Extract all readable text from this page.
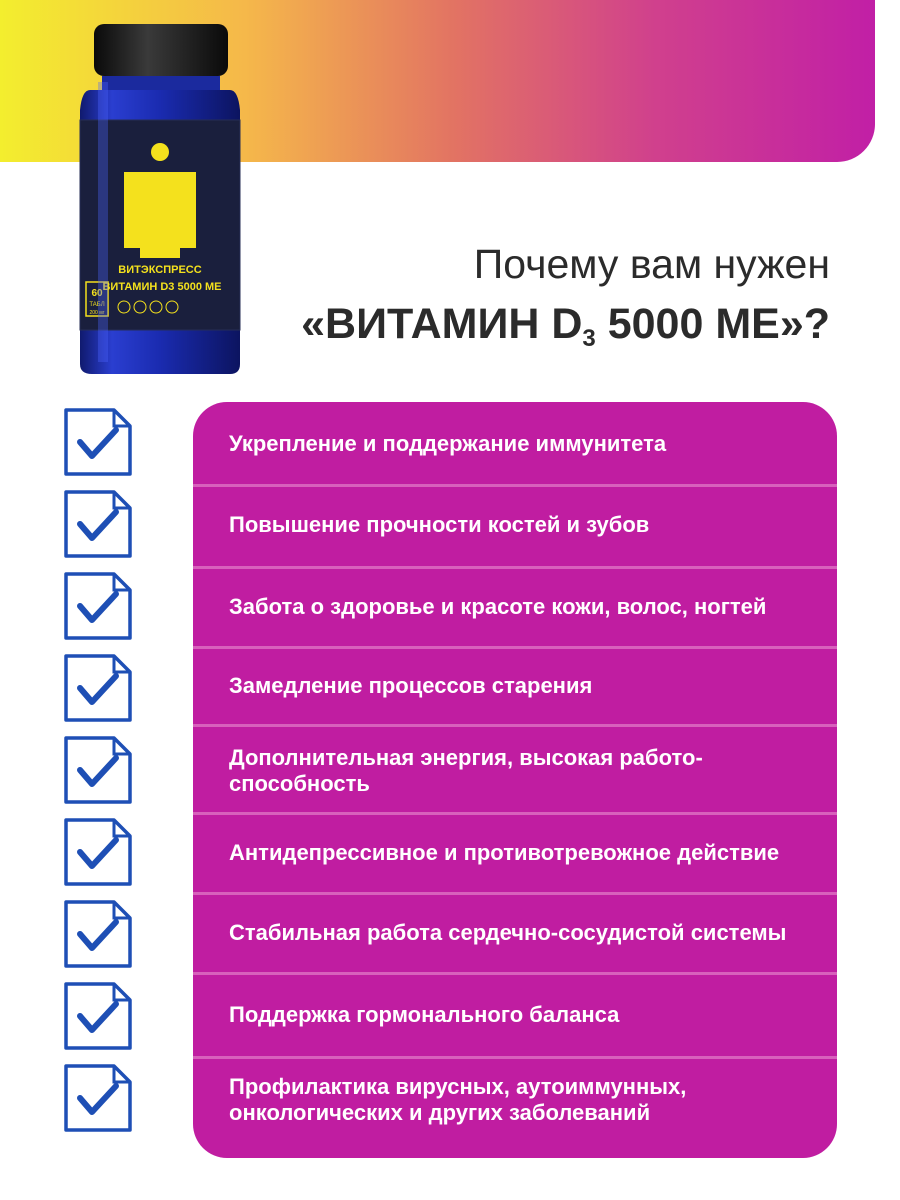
ВИТЭКСПРЕСС
ВИТАМИН D3 5000 МЕ
60
ТАБЛ
200 мг
Почему вам нужен
«ВИТАМИН $D_3$ 5000 МЕ»?
Укрепление и поддержание иммунитета
Повышение прочности костей и зубов
Забота о здоровье и красоте кожи, волос, ногтей
Замедление процессов старения
Дополнительная энергия, высокая работо-способность
Антидепрессивное и противотревожное действие
Стабильная работа сердечно-сосудистой системы
Поддержка гормонального баланса
Профилактика вирусных, аутоиммунных, онкологических и других заболеваний
